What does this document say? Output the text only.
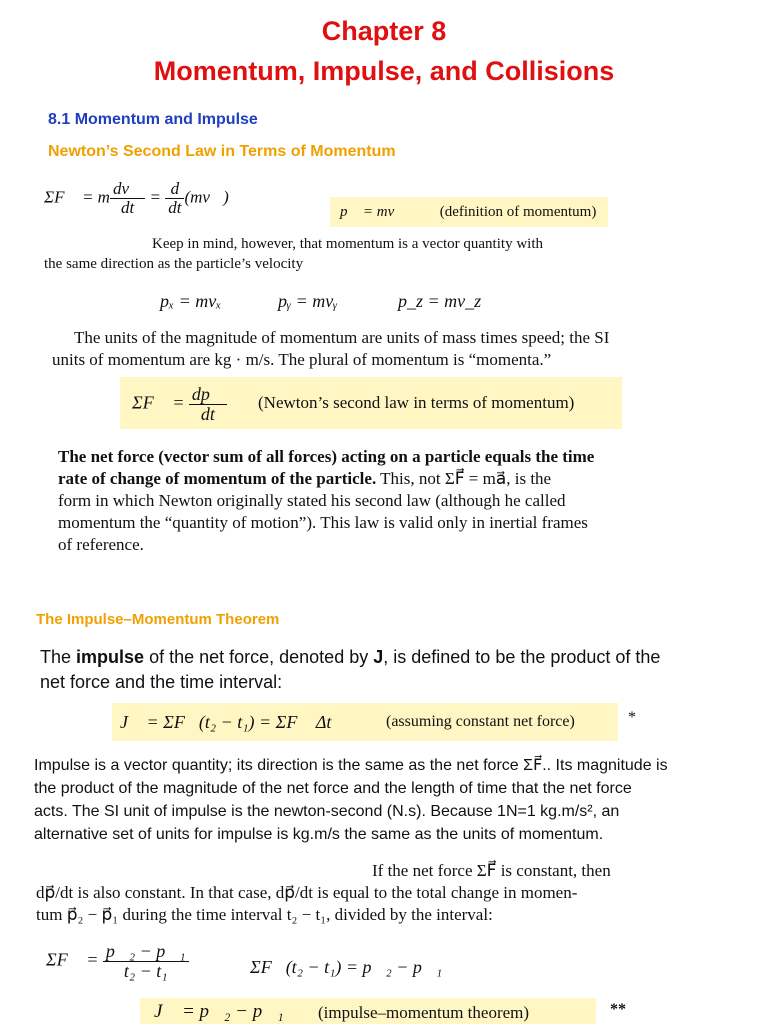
Chapter 8
Momentum, Impulse, and Collisions
8.1 Momentum and Impulse
Newton’s Second Law in Terms of Momentum
ΣF⃗ = m $\frac{dv⃗}{dt} = \frac{d}{dt}$ (mv⃗)
p⃗ = mv⃗ (definition of momentum)
Keep in mind, however, that momentum is a vector quantity with
the same direction as the particle’s velocity
pₓ = mvₓ	pᵧ = mvᵧ	p_z = mv_z
The units of the magnitude of momentum are units of mass times speed; the SI
units of momentum are kg · m/s. The plural of momentum is “momenta.”
ΣF⃗ = $\frac{dp⃗}{dt}$ (Newton’s second law in terms of momentum)
The net force (vector sum of all forces) acting on a particle equals the time
rate of change of momentum of the particle. This, not ΣF⃗ = ma⃗, is the
form in which Newton originally stated his second law (although he called
momentum the “quantity of motion”). This law is valid only in inertial frames
of reference.
The Impulse–Momentum Theorem
The impulse of the net force, denoted by J, is defined to be the product of the
net force and the time interval:
J⃗ = ΣF⃗(t₂ − t₁) = ΣF⃗ Δt	(assuming constant net force)	*
Impulse is a vector quantity; its direction is the same as the net force ΣF⃗.. Its magnitude is
the product of the magnitude of the net force and the length of time that the net force
acts. The SI unit of impulse is the newton-second (N.s). Because 1N=1 kg.m/s², an
alternative set of units for impulse is kg.m/s the same as the units of momentum.
If the net force ΣF⃗ is constant, then
dp⃗/dt is also constant. In that case, dp⃗/dt is equal to the total change in momen-
tum p⃗₂ − p⃗₁ during the time interval t₂ − t₁, divided by the interval:
ΣF⃗ = $\frac{\text{p⃗₂ − p⃗₁}}{\text{t₂ − t₁}}$	ΣF⃗(t₂ − t₁) = p⃗₂ − p⃗₁
J⃗ = p⃗₂ − p⃗₁ (impulse–momentum theorem)	**
